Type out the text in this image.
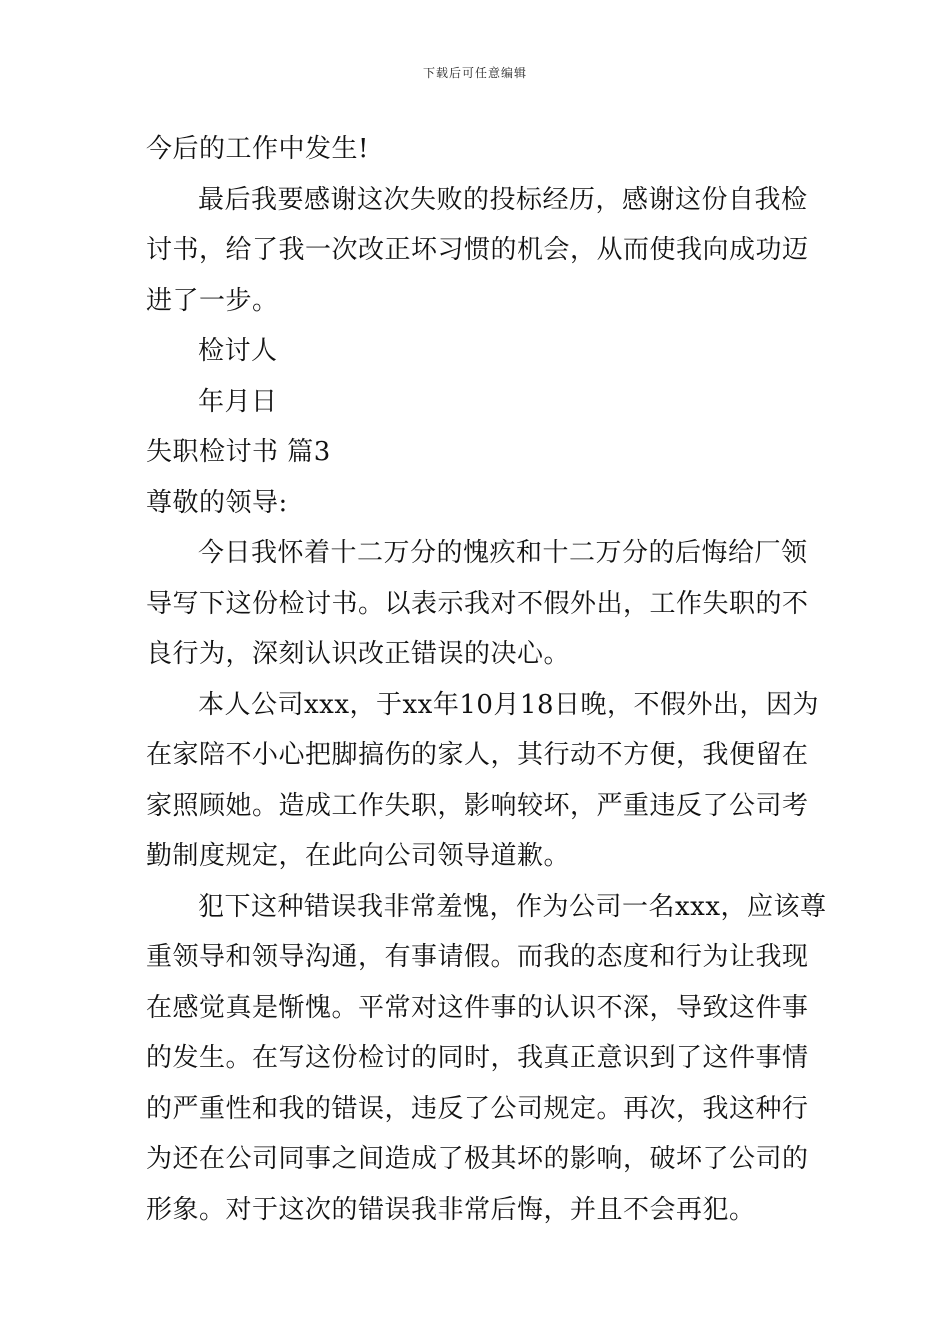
下载后可任意编辑

今后的工作中发生!

最后我要感谢这次失败的投标经历，感谢这份自我检

讨书，给了我一次改正坏习惯的机会，从而使我向成功迈

进了一步。

检讨人

年月日

失职检讨书 篇3

尊敬的领导:

今日我怀着十二万分的愧疚和十二万分的后悔给厂领

导写下这份检讨书。以表示我对不假外出，工作失职的不

良行为，深刻认识改正错误的决心。

本人公司xxx，于xx年10月18日晚，不假外出，因为

在家陪不小心把脚搞伤的家人，其行动不方便，我便留在

家照顾她。造成工作失职，影响较坏，严重违反了公司考

勤制度规定，在此向公司领导道歉。

犯下这种错误我非常羞愧，作为公司一名xxx，应该尊

重领导和领导沟通，有事请假。而我的态度和行为让我现

在感觉真是惭愧。平常对这件事的认识不深，导致这件事

的发生。在写这份检讨的同时，我真正意识到了这件事情

的严重性和我的错误，违反了公司规定。再次，我这种行

为还在公司同事之间造成了极其坏的影响，破坏了公司的

形象。对于这次的错误我非常后悔，并且不会再犯。
